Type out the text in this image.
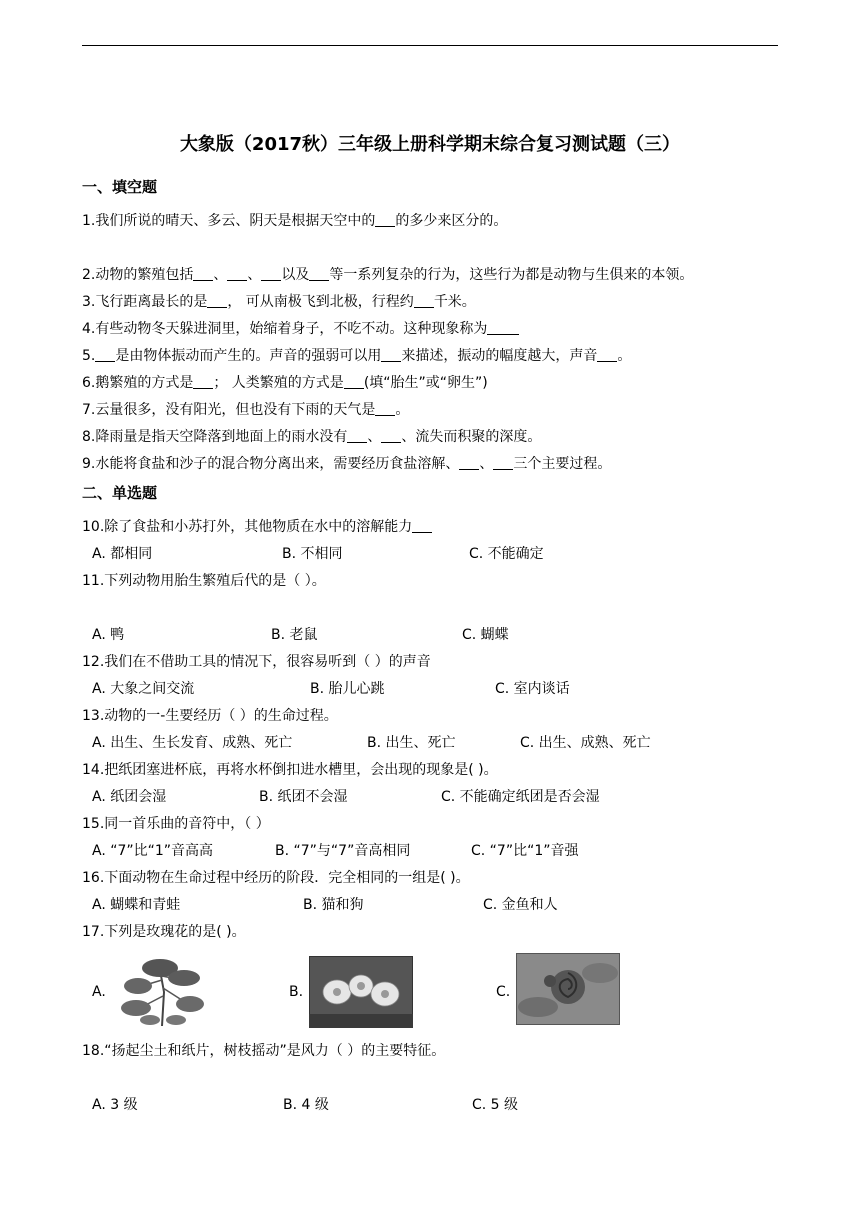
大象版（2017秋）三年级上册科学期末综合复习测试题（三）
一、填空题
1.我们所说的晴天、多云、阴天是根据天空中的 的多少来区分的。
2.动物的繁殖包括 、 、 以及 等一系列复杂的行为，这些行为都是动物与生俱来的本领。
3.飞行距离最长的是 ， 可从南极飞到北极，行程约 千米。
4.有些动物冬天躲进洞里，始缩着身子，不吃不动。这种现象称为
5. 是由物体振动而产生的。声音的强弱可以用 来描述，振动的幅度越大，声音 。
6.鹅繁殖的方式是 ； 人类繁殖的方式是 (填“胎生”或“卵生”)
7.云量很多，没有阳光，但也没有下雨的天气是 。
8.降雨量是指天空降落到地面上的雨水没有 、 、流失而积聚的深度。
9.水能将食盐和沙子的混合物分离出来，需要经历食盐溶解、 、 三个主要过程。
二、单选题
10.除了食盐和小苏打外，其他物质在水中的溶解能力
A. 都相同	B. 不相同	C. 不能确定
11.下列动物用胎生繁殖后代的是（ ）。
A. 鸭	B. 老鼠	C. 蝴蝶
12.我们在不借助工具的情况下，很容易听到（ ）的声音
A. 大象之间交流	B. 胎儿心跳	C. 室内谈话
13.动物的一-生要经历（ ）的生命过程。
A. 出生、生长发育、成熟、死亡	B. 出生、死亡	C. 出生、成熟、死亡
14.把纸团塞进杯底，再将水杯倒扣进水槽里，会出现的现象是( )。
A. 纸团会湿	B. 纸团不会湿	C. 不能确定纸团是否会湿
15.同一首乐曲的音符中，（ ）
A. “7”比“1”音高高	B. “7”与“7”音高相同	C. “7”比“1”音强
16.下面动物在生命过程中经历的阶段．完全相同的一组是( )。
A. 蝴蝶和青蛙	B. 猫和狗	C. 金鱼和人
17.下列是玫瑰花的是( )。
A.	B.	C.
18.“扬起尘土和纸片，树枝摇动”是风力（ ）的主要特征。
A. 3 级	B. 4 级	C. 5 级
